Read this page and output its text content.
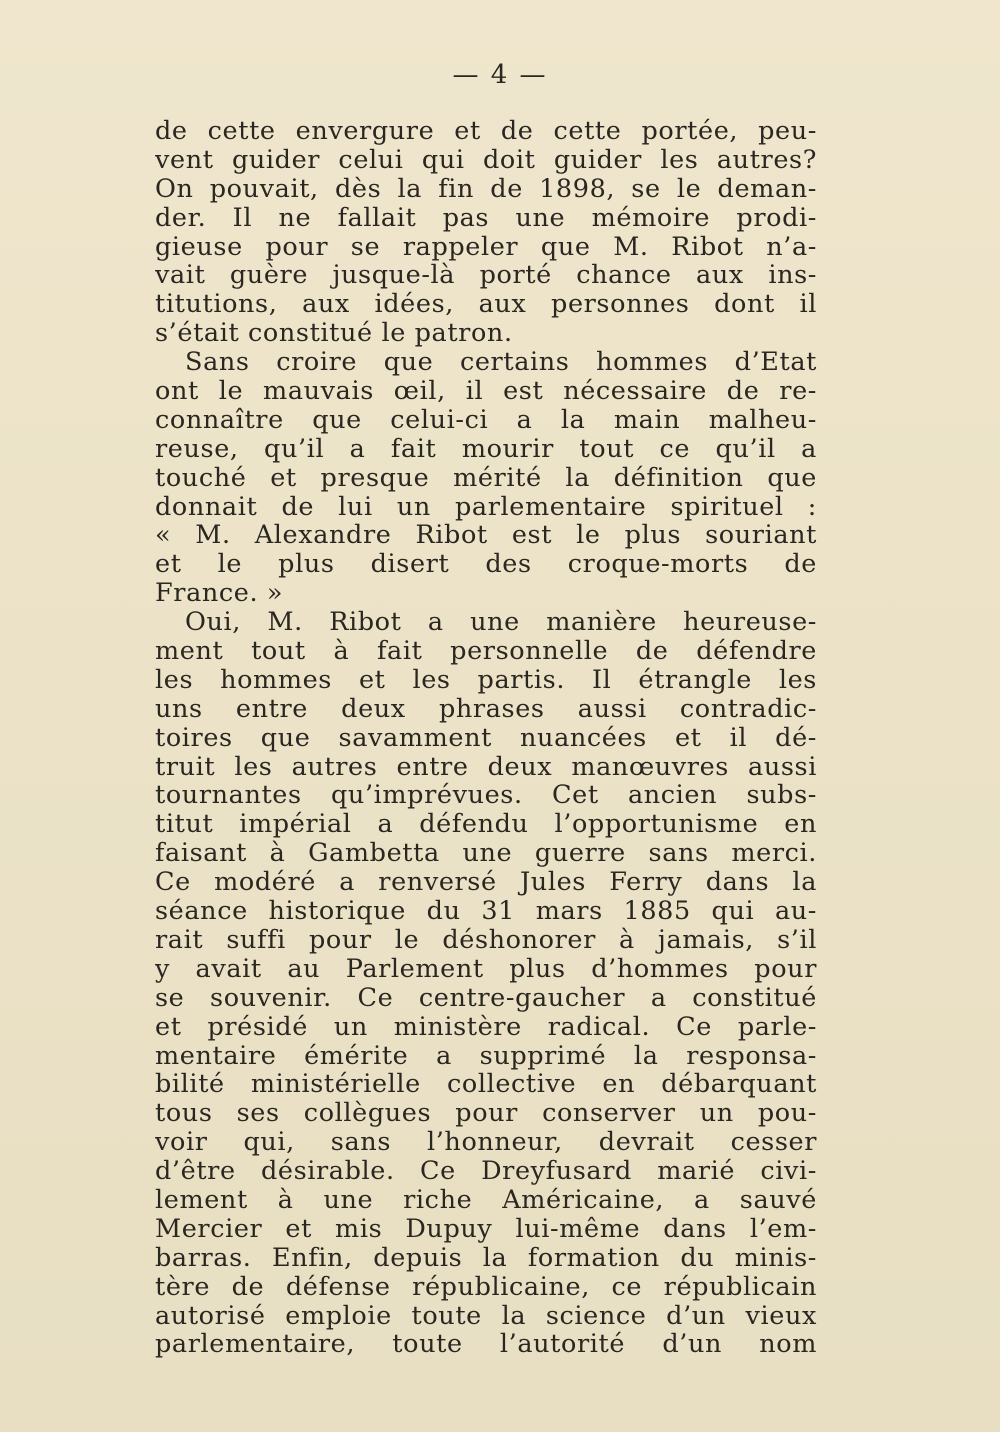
— 4 —
de cette envergure et de cette portée, peu-
vent guider celui qui doit guider les autres?
On pouvait, dès la fin de 1898, se le deman-
der. Il ne fallait pas une mémoire prodi-
gieuse pour se rappeler que M. Ribot n’a-
vait guère jusque-là porté chance aux ins-
titutions, aux idées, aux personnes dont il
s’était constitué le patron.
Sans croire que certains hommes d’Etat
ont le mauvais œil, il est nécessaire de re-
connaître que celui-ci a la main malheu-
reuse, qu’il a fait mourir tout ce qu’il a
touché et presque mérité la définition que
donnait de lui un parlementaire spirituel :
« M. Alexandre Ribot est le plus souriant
et le plus disert des croque-morts de
France. »
Oui, M. Ribot a une manière heureuse-
ment tout à fait personnelle de défendre
les hommes et les partis. Il étrangle les
uns entre deux phrases aussi contradic-
toires que savamment nuancées et il dé-
truit les autres entre deux manœuvres aussi
tournantes qu’imprévues. Cet ancien subs-
titut impérial a défendu l’opportunisme en
faisant à Gambetta une guerre sans merci.
Ce modéré a renversé Jules Ferry dans la
séance historique du 31 mars 1885 qui au-
rait suffi pour le déshonorer à jamais, s’il
y avait au Parlement plus d’hommes pour
se souvenir. Ce centre-gaucher a constitué
et présidé un ministère radical. Ce parle-
mentaire émérite a supprimé la responsa-
bilité ministérielle collective en débarquant
tous ses collègues pour conserver un pou-
voir qui, sans l’honneur, devrait cesser
d’être désirable. Ce Dreyfusard marié civi-
lement à une riche Américaine, a sauvé
Mercier et mis Dupuy lui-même dans l’em-
barras. Enfin, depuis la formation du minis-
tère de défense républicaine, ce républicain
autorisé emploie toute la science d’un vieux
parlementaire, toute l’autorité d’un nom
